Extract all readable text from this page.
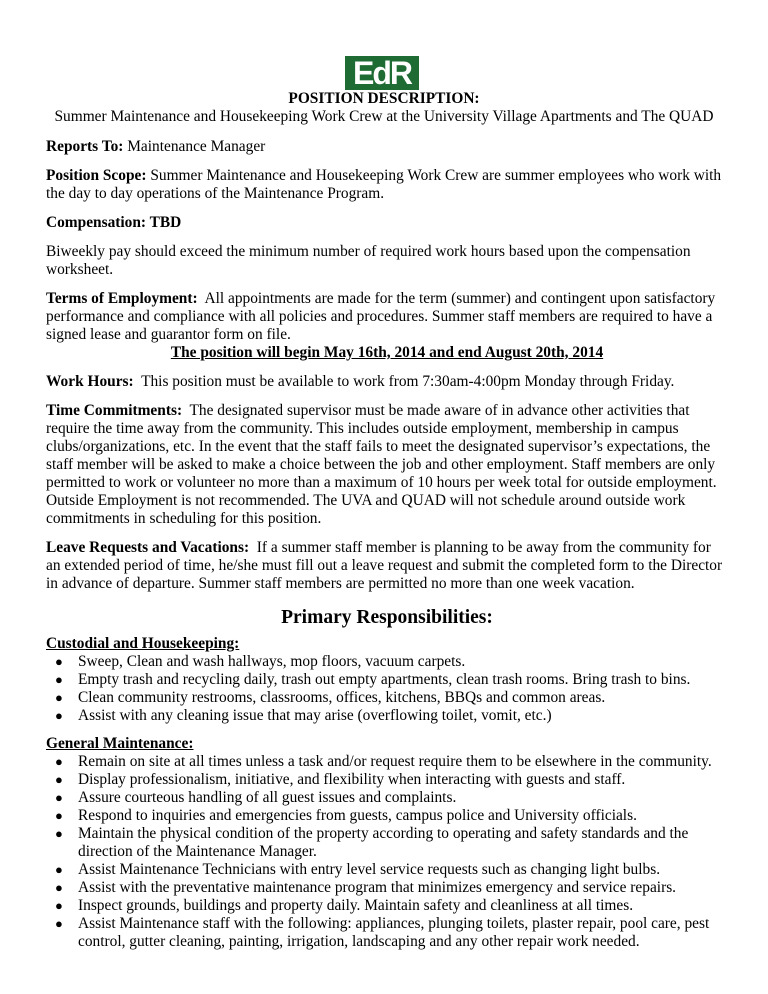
EdR
POSITION DESCRIPTION:
Summer Maintenance and Housekeeping Work Crew at the University Village Apartments and The QUAD

Reports To: Maintenance Manager

Position Scope: Summer Maintenance and Housekeeping Work Crew are summer employees who work with the day to day operations of the Maintenance Program.

Compensation: TBD

Biweekly pay should exceed the minimum number of required work hours based upon the compensation worksheet.

Terms of Employment: All appointments are made for the term (summer) and contingent upon satisfactory performance and compliance with all policies and procedures. Summer staff members are required to have a signed lease and guarantor form on file.

The position will begin May 16th, 2014 and end August 20th, 2014

Work Hours: This position must be available to work from 7:30am-4:00pm Monday through Friday.

Time Commitments: The designated supervisor must be made aware of in advance other activities that require the time away from the community. This includes outside employment, membership in campus clubs/organizations, etc. In the event that the staff fails to meet the designated supervisor’s expectations, the staff member will be asked to make a choice between the job and other employment. Staff members are only permitted to work or volunteer no more than a maximum of 10 hours per week total for outside employment. Outside Employment is not recommended. The UVA and QUAD will not schedule around outside work commitments in scheduling for this position.

Leave Requests and Vacations: If a summer staff member is planning to be away from the community for an extended period of time, he/she must fill out a leave request and submit the completed form to the Director in advance of departure. Summer staff members are permitted no more than one week vacation.

Primary Responsibilities:
Custodial and Housekeeping:
● Sweep, Clean and wash hallways, mop floors, vacuum carpets.
● Empty trash and recycling daily, trash out empty apartments, clean trash rooms. Bring trash to bins.
● Clean community restrooms, classrooms, offices, kitchens, BBQs and common areas.
● Assist with any cleaning issue that may arise (overflowing toilet, vomit, etc.)
General Maintenance:
● Remain on site at all times unless a task and/or request require them to be elsewhere in the community.
● Display professionalism, initiative, and flexibility when interacting with guests and staff.
● Assure courteous handling of all guest issues and complaints.
● Respond to inquiries and emergencies from guests, campus police and University officials.
● Maintain the physical condition of the property according to operating and safety standards and the direction of the Maintenance Manager.
● Assist Maintenance Technicians with entry level service requests such as changing light bulbs.
● Assist with the preventative maintenance program that minimizes emergency and service repairs.
● Inspect grounds, buildings and property daily. Maintain safety and cleanliness at all times.
● Assist Maintenance staff with the following: appliances, plunging toilets, plaster repair, pool care, pest control, gutter cleaning, painting, irrigation, landscaping and any other repair work needed.
